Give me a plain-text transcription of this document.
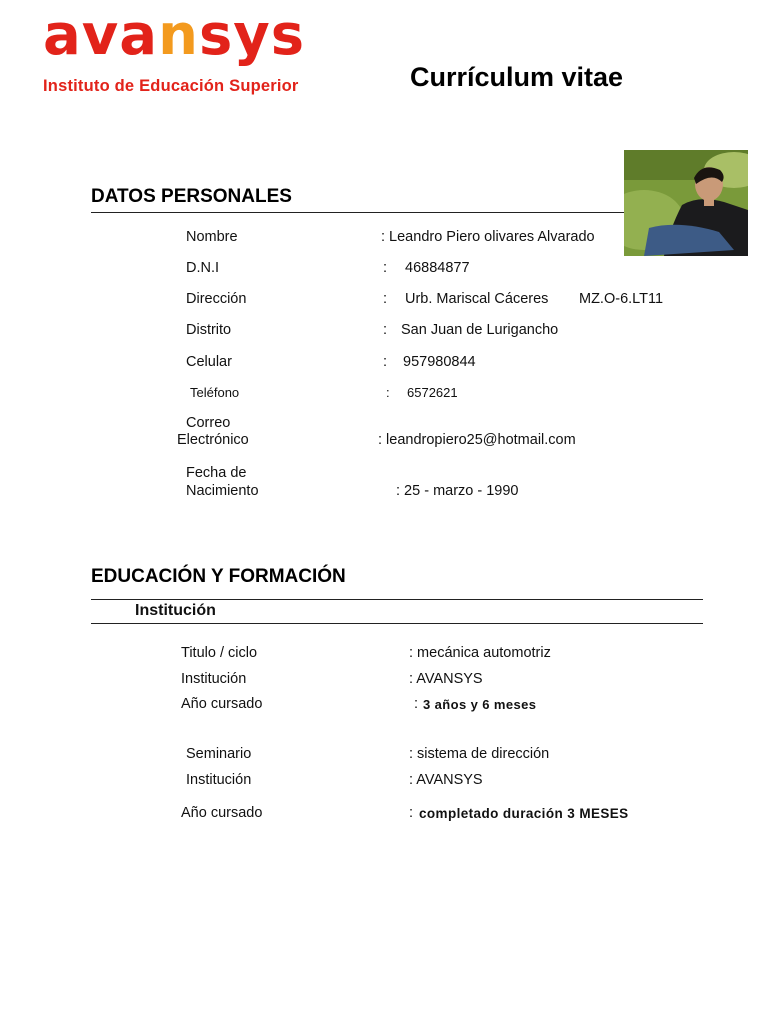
avansys
Instituto de Educación Superior	Currículum vitae
DATOS PERSONALES
Nombre	: Leandro Piero olivares Alvarado
D.N.I	: 46884877
Dirección	: Urb. Mariscal Cáceres MZ.O-6.LT11
Distrito	: San Juan de Lurigancho
Celular	: 957980844
Teléfono	: 6572621
Correo
Electrónico	: leandropiero25@hotmail.com
Fecha de
Nacimiento	: 25 - marzo - 1990
EDUCACIÓN Y FORMACIÓN
Institución
Titulo / ciclo	: mecánica automotriz
Institución	: AVANSYS
Año cursado	: 3 años y 6 meses
Seminario	: sistema de dirección
Institución	: AVANSYS
Año cursado	: completado duración 3 MESES
